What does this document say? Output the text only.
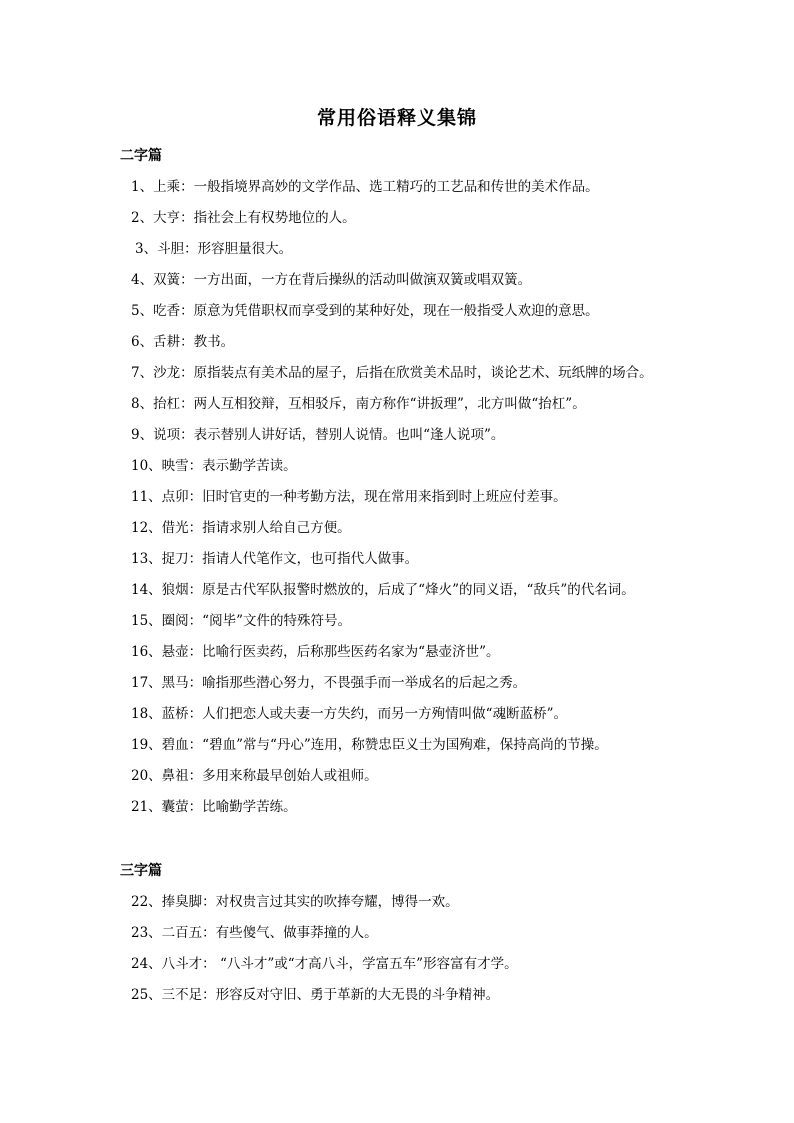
常用俗语释义集锦
二字篇
1、上乘：一般指境界高妙的文学作品、选工精巧的工艺品和传世的美术作品。
2、大亨：指社会上有权势地位的人。
3、斗胆：形容胆量很大。
4、双簧：一方出面，一方在背后操纵的活动叫做演双簧或唱双簧。
5、吃香：原意为凭借职权而享受到的某种好处，现在一般指受人欢迎的意思。
6、舌耕：教书。
7、沙龙：原指装点有美术品的屋子，后指在欣赏美术品时，谈论艺术、玩纸牌的场合。
8、抬杠：两人互相狡辩，互相驳斥，南方称作“讲扳理”，北方叫做“抬杠”。
9、说项：表示替别人讲好话，替别人说情。也叫“逢人说项”。
10、映雪：表示勤学苦读。
11、点卯：旧时官吏的一种考勤方法，现在常用来指到时上班应付差事。
12、借光：指请求别人给自己方便。
13、捉刀：指请人代笔作文，也可指代人做事。
14、狼烟：原是古代军队报警时燃放的，后成了“烽火”的同义语，“敌兵”的代名词。
15、圈阅：“阅毕”文件的特殊符号。
16、悬壶：比喻行医卖药，后称那些医药名家为“悬壶济世”。
17、黑马：喻指那些潜心努力，不畏强手而一举成名的后起之秀。
18、蓝桥：人们把恋人或夫妻一方失约，而另一方殉情叫做“魂断蓝桥”。
19、碧血：“碧血”常与“丹心”连用，称赞忠臣义士为国殉难，保持高尚的节操。
20、鼻祖：多用来称最早创始人或祖师。
21、囊萤：比喻勤学苦练。
三字篇
22、捧臭脚：对权贵言过其实的吹捧夸耀，博得一欢。
23、二百五：有些傻气、做事莽撞的人。
24、八斗才： “八斗才”或“才高八斗，学富五车”形容富有才学。
25、三不足：形容反对守旧、勇于革新的大无畏的斗争精神。
